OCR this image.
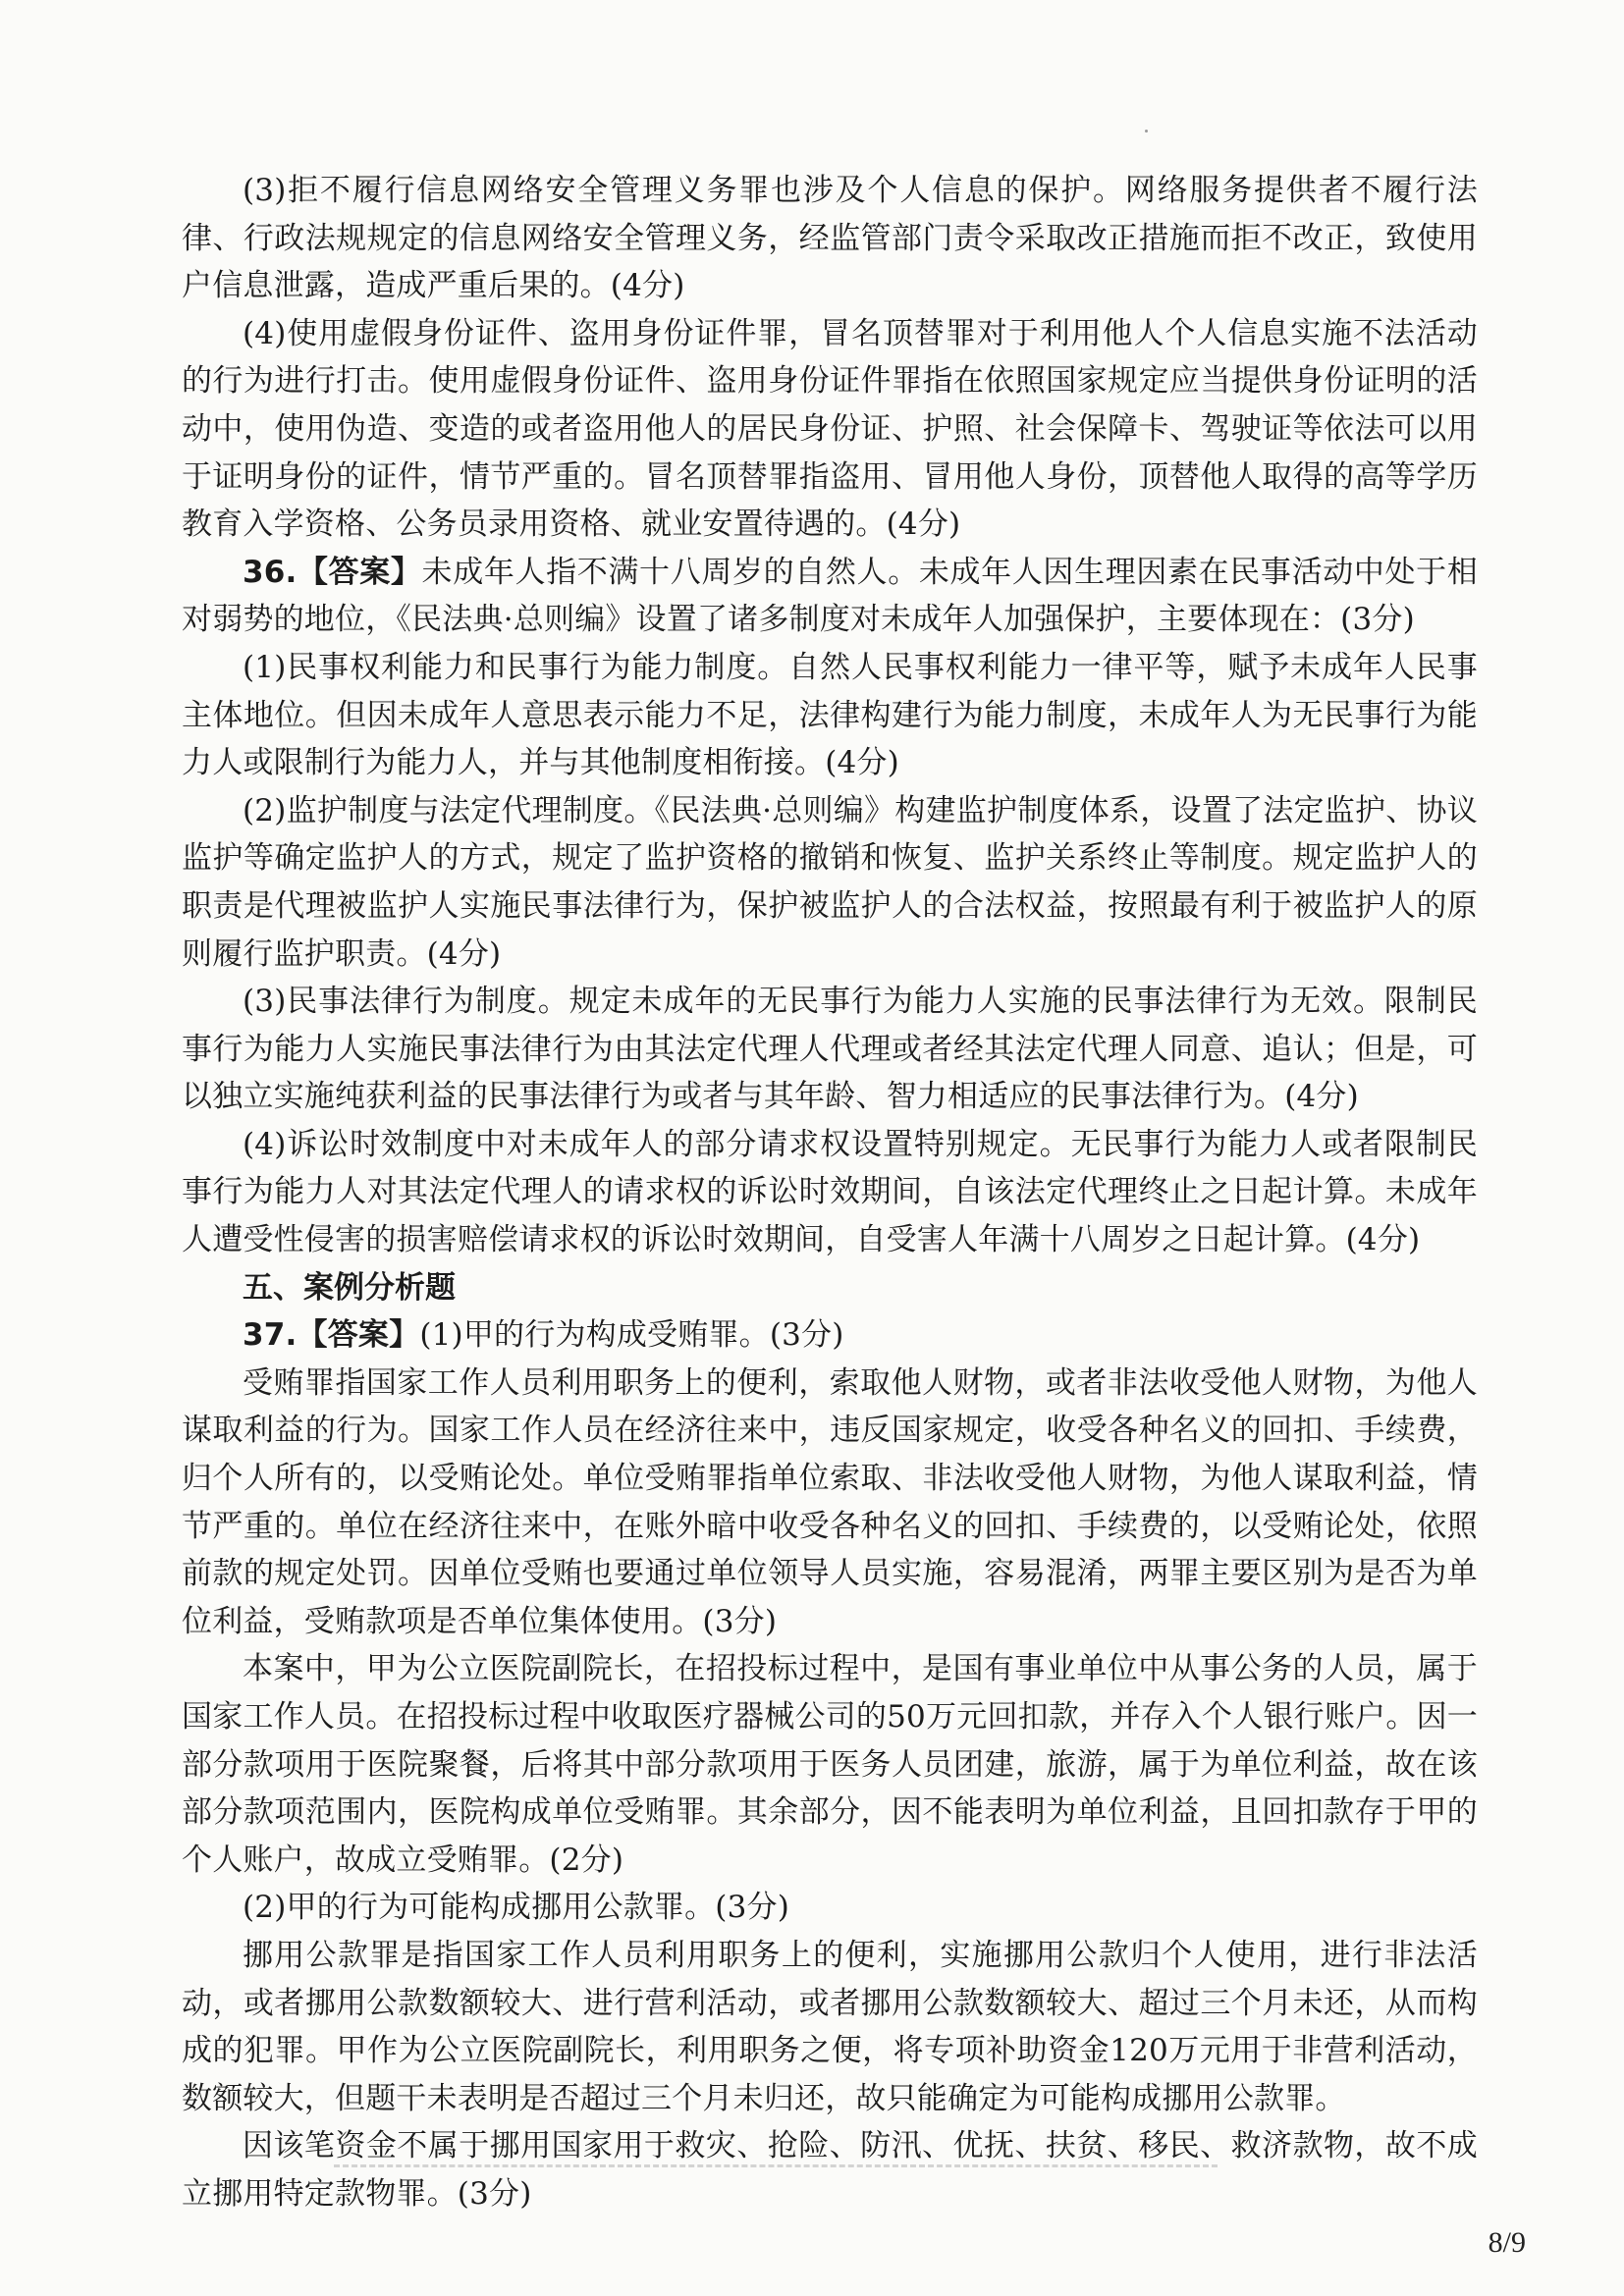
(3)拒不履行信息网络安全管理义务罪也涉及个人信息的保护。网络服务提供者不履行法律、行政法规规定的信息网络安全管理义务，经监管部门责令采取改正措施而拒不改正，致使用户信息泄露，造成严重后果的。(4分)

(4)使用虚假身份证件、盗用身份证件罪，冒名顶替罪对于利用他人个人信息实施不法活动的行为进行打击。使用虚假身份证件、盗用身份证件罪指在依照国家规定应当提供身份证明的活动中，使用伪造、变造的或者盗用他人的居民身份证、护照、社会保障卡、驾驶证等依法可以用于证明身份的证件，情节严重的。冒名顶替罪指盗用、冒用他人身份，顶替他人取得的高等学历教育入学资格、公务员录用资格、就业安置待遇的。(4分)

36.【答案】未成年人指不满十八周岁的自然人。未成年人因生理因素在民事活动中处于相对弱势的地位，《民法典·总则编》设置了诸多制度对未成年人加强保护，主要体现在：(3分)

(1)民事权利能力和民事行为能力制度。自然人民事权利能力一律平等，赋予未成年人民事主体地位。但因未成年人意思表示能力不足，法律构建行为能力制度，未成年人为无民事行为能力人或限制行为能力人，并与其他制度相衔接。(4分)

(2)监护制度与法定代理制度。《民法典·总则编》构建监护制度体系，设置了法定监护、协议监护等确定监护人的方式，规定了监护资格的撤销和恢复、监护关系终止等制度。规定监护人的职责是代理被监护人实施民事法律行为，保护被监护人的合法权益，按照最有利于被监护人的原则履行监护职责。(4分)

(3)民事法律行为制度。规定未成年的无民事行为能力人实施的民事法律行为无效。限制民事行为能力人实施民事法律行为由其法定代理人代理或者经其法定代理人同意、追认；但是，可以独立实施纯获利益的民事法律行为或者与其年龄、智力相适应的民事法律行为。(4分)

(4)诉讼时效制度中对未成年人的部分请求权设置特别规定。无民事行为能力人或者限制民事行为能力人对其法定代理人的请求权的诉讼时效期间，自该法定代理终止之日起计算。未成年人遭受性侵害的损害赔偿请求权的诉讼时效期间，自受害人年满十八周岁之日起计算。(4分)

五、案例分析题

37.【答案】(1)甲的行为构成受贿罪。(3分)

受贿罪指国家工作人员利用职务上的便利，索取他人财物，或者非法收受他人财物，为他人谋取利益的行为。国家工作人员在经济往来中，违反国家规定，收受各种名义的回扣、手续费，归个人所有的，以受贿论处。单位受贿罪指单位索取、非法收受他人财物，为他人谋取利益，情节严重的。单位在经济往来中，在账外暗中收受各种名义的回扣、手续费的，以受贿论处，依照前款的规定处罚。因单位受贿也要通过单位领导人员实施，容易混淆，两罪主要区别为是否为单位利益，受贿款项是否单位集体使用。(3分)

本案中，甲为公立医院副院长，在招投标过程中，是国有事业单位中从事公务的人员，属于国家工作人员。在招投标过程中收取医疗器械公司的50万元回扣款，并存入个人银行账户。因一部分款项用于医院聚餐，后将其中部分款项用于医务人员团建，旅游，属于为单位利益，故在该部分款项范围内，医院构成单位受贿罪。其余部分，因不能表明为单位利益，且回扣款存于甲的个人账户，故成立受贿罪。(2分)

(2)甲的行为可能构成挪用公款罪。(3分)

挪用公款罪是指国家工作人员利用职务上的便利，实施挪用公款归个人使用，进行非法活动，或者挪用公款数额较大、进行营利活动，或者挪用公款数额较大、超过三个月未还，从而构成的犯罪。甲作为公立医院副院长，利用职务之便，将专项补助资金120万元用于非营利活动，数额较大，但题干未表明是否超过三个月未归还，故只能确定为可能构成挪用公款罪。

因该笔资金不属于挪用国家用于救灾、抢险、防汛、优抚、扶贫、移民、救济款物，故不成立挪用特定款物罪。(3分)

8/9
